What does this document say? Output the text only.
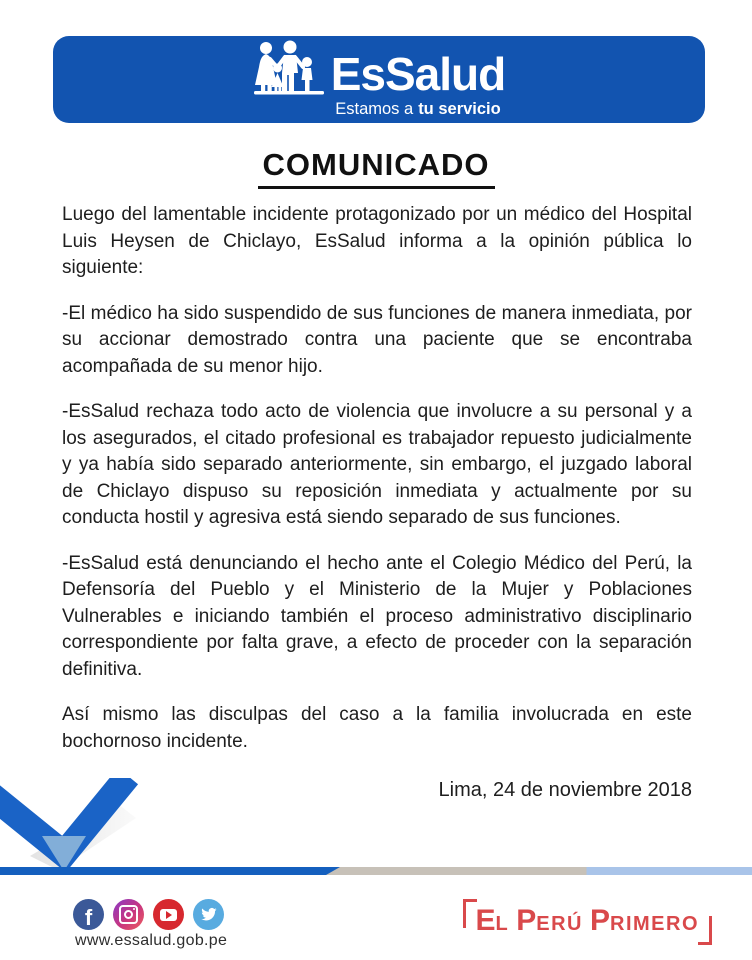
EsSalud
Estamos a tu servicio
COMUNICADO

Luego del lamentable incidente protagonizado por un médico del Hospital Luis Heysen de Chiclayo, EsSalud informa a la opinión pública lo siguiente:

-El médico ha sido suspendido de sus funciones de manera inmediata, por su accionar demostrado contra una paciente que se encontraba acompañada de su menor hijo.

-EsSalud rechaza todo acto de violencia que involucre a su personal y a los asegurados, el citado profesional es trabajador repuesto judicialmente y ya había sido separado anteriormente, sin embargo, el juzgado laboral de Chiclayo dispuso su reposición inmediata y actualmente por su conducta hostil y agresiva está siendo separado de sus funciones.

-EsSalud está denunciando el hecho ante el Colegio Médico del Perú, la Defensoría del Pueblo y el Ministerio de la Mujer y Poblaciones Vulnerables e iniciando también el proceso administrativo disciplinario correspondiente por falta grave, a efecto de proceder con la separación definitiva.

Así mismo las disculpas del caso a la familia involucrada en este bochornoso incidente.

Lima, 24 de noviembre 2018
f
www.essalud.gob.pe
EL PERÚ PRIMERO
